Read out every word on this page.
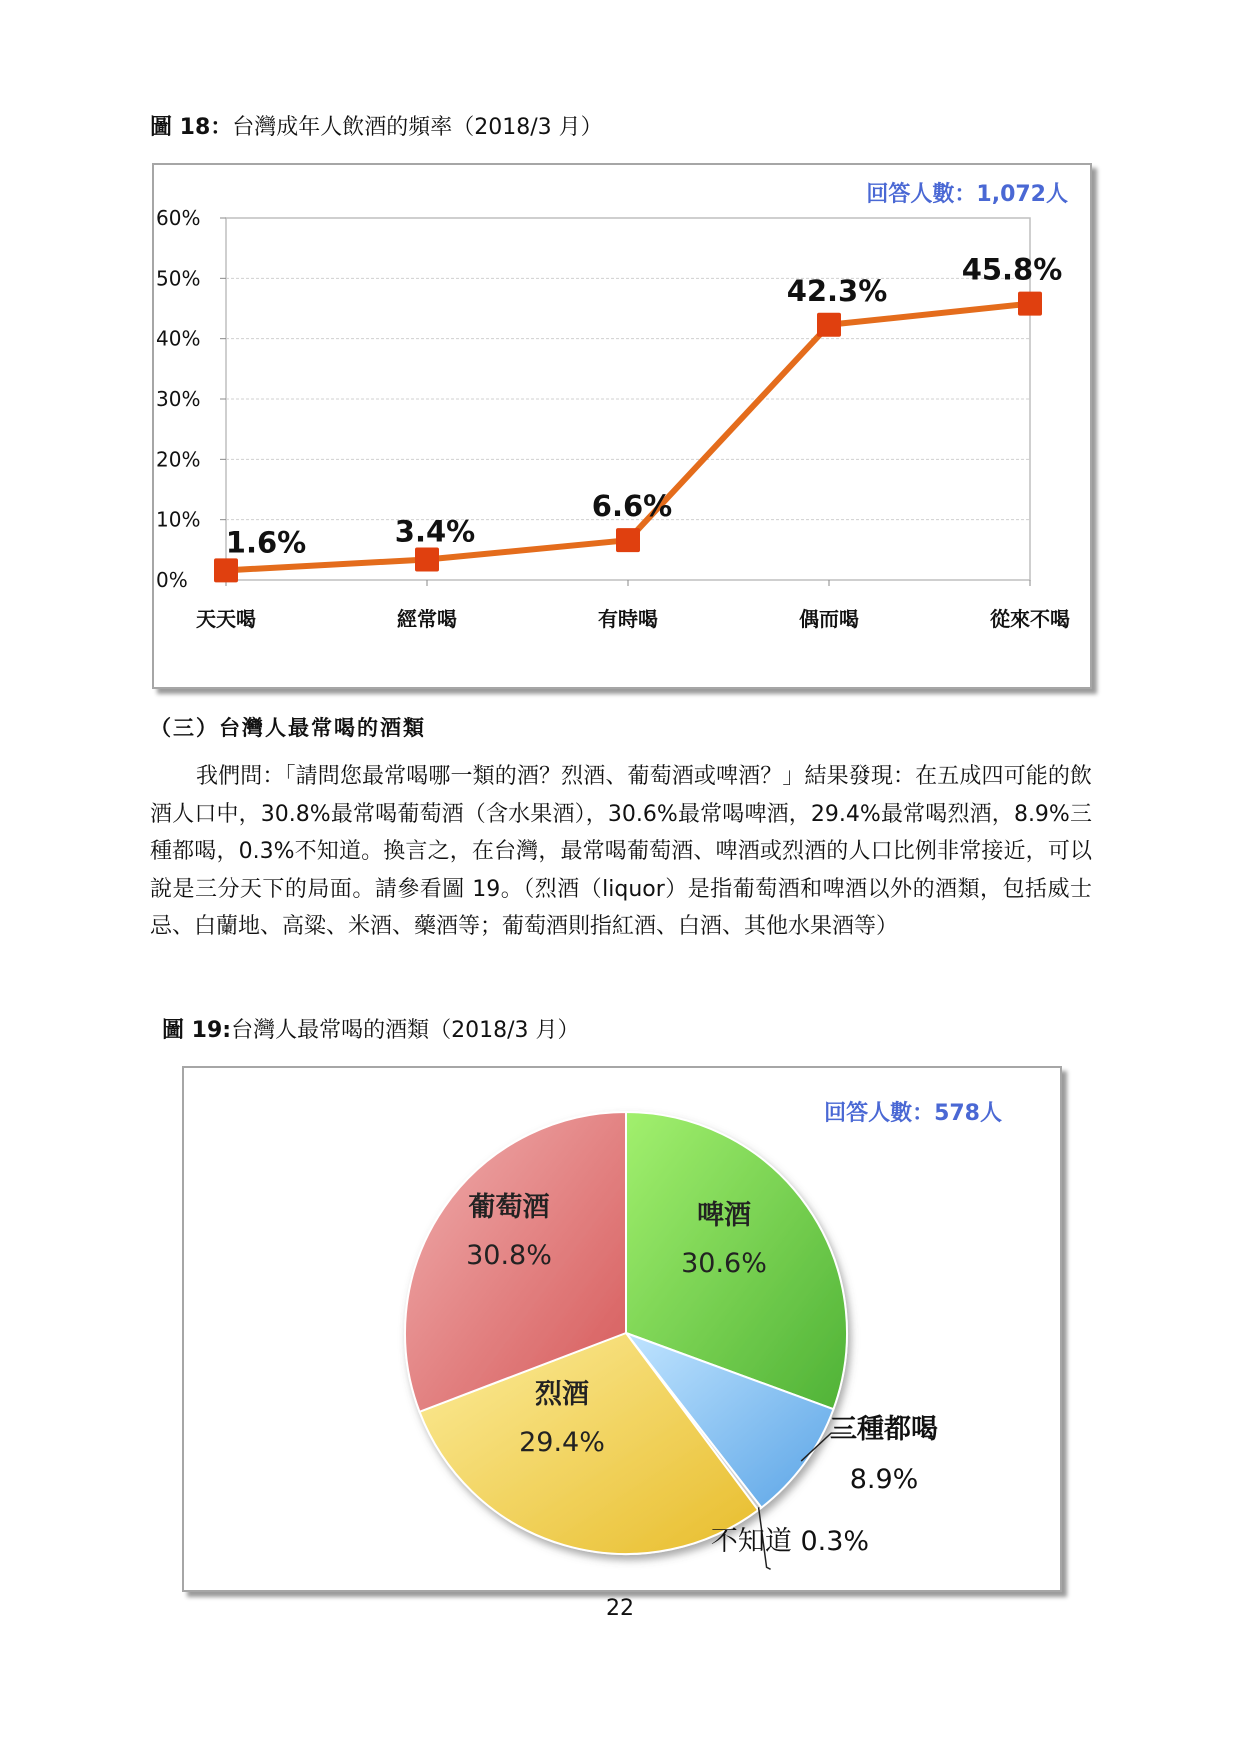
圖 18：台灣成年人飲酒的頻率（2018/3 月）
回答人數：1,072人
0%
10%
20%
30%
40%
50%
60%
天天喝	經常喝	有時喝	偶而喝	從來不喝
1.6%	3.4%
6.6%
42.3%
45.8%
（三）台灣人最常喝的酒類
我們問：「請問您最常喝哪一類的酒？烈酒、葡萄酒或啤酒？」結果發現：在五成四可能的飲酒人口中，30.8%最常喝葡萄酒（含水果酒），30.6%最常喝啤酒，29.4%最常喝烈酒，8.9%三種都喝，0.3%不知道。換言之，在台灣，最常喝葡萄酒、啤酒或烈酒的人口比例非常接近，可以說是三分天下的局面。請參看圖 19。（烈酒（liquor）是指葡萄酒和啤酒以外的酒類，包括威士忌、白蘭地、高粱、米酒、藥酒等；葡萄酒則指紅酒、白酒、其他水果酒等）
圖 19:台灣人最常喝的酒類（2018/3 月）
回答人數：578人
啤酒
30.6%
烈酒
29.4%
葡萄酒
30.8%
三種都喝
8.9%
不知道 0.3%
22
